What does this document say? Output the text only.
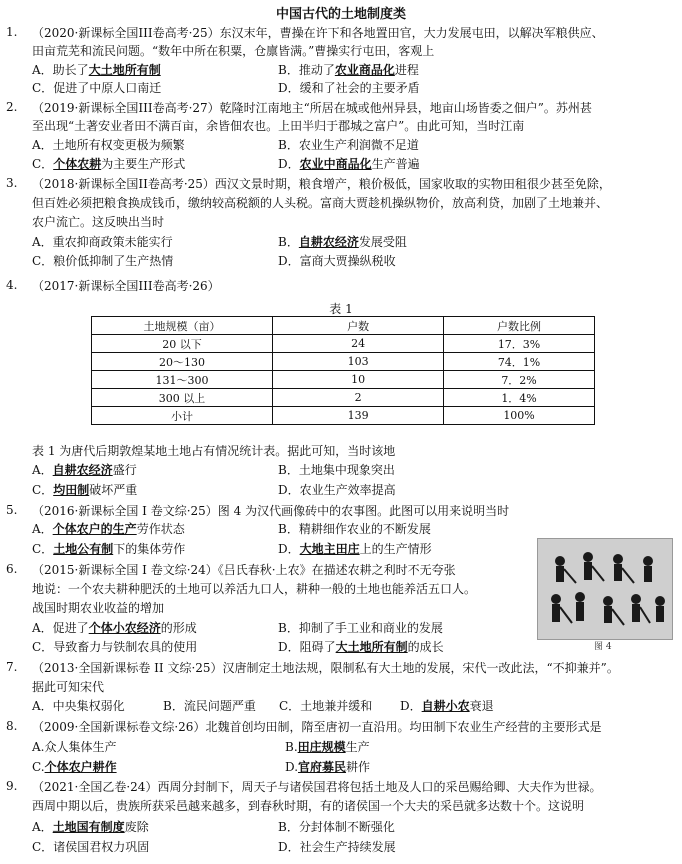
中国古代的土地制度类
1. （2020·新课标全国III卷高考·25）东汉末年，曹操在许下和各地置田官，大力发展屯田，以解决军粮供应、
田亩荒芜和流民问题。“数年中所在积粟，仓廪皆满。”曹操实行屯田，客观上
A．助长了大土地所有制	B．推动了农业商品化进程
C．促进了中原人口南迁	D．缓和了社会的主要矛盾
2. （2019·新课标全国III卷高考·27）乾隆时江南地主“所居在城或他州异县，地亩山场皆委之佃户”。苏州甚
至出现“土著安业者田不满百亩，余皆佃农也。上田半归于郡城之富户”。由此可知，当时江南
A．土地所有权变更极为频繁	B．农业生产利润微不足道
C．个体农耕为主要生产形式	D．农业中商品化生产普遍
3. （2018·新课标全国II卷高考·25）西汉文景时期，粮食增产，粮价极低，国家收取的实物田租很少甚至免除，
但百姓必须把粮食换成钱币，缴纳较高税额的人头税。富商大贾趁机操纵物价，放高利贷，加剧了土地兼并、
农户流亡。这反映出当时
A．重农抑商政策未能实行	B．自耕农经济发展受阻
C．粮价低抑制了生产热情	D．富商大贾操纵税收
4. （2017·新课标全国III卷高考·26）
表 1
土地规模（亩）	户数	户数比例
20 以下	24	17．3%
20～130	103	74．1%
131～300	10	7．2%
300 以上	2	1．4%
小计	139	100%
表 1 为唐代后期敦煌某地土地占有情况统计表。据此可知，当时该地
A．自耕农经济盛行	B．土地集中现象突出
C．均田制破坏严重	D．农业生产效率提高
5. （2016·新课标全国 I 卷文综·25）图 4 为汉代画像砖中的农事图。此图可以用来说明当时
A．个体农户的生产劳作状态	B．精耕细作农业的不断发展
C．土地公有制下的集体劳作	D．大地主田庄上的生产情形
图 4
6. （2015·新课标全国 I 卷文综·24）《吕氏春秋·上农》在描述农耕之利时不无夸张
地说：一个农夫耕种肥沃的土地可以养活九口人，耕种一般的土地也能养活五口人。
战国时期农业收益的增加
A．促进了个体小农经济的形成	B．抑制了手工业和商业的发展
C．导致畜力与铁制农具的使用	D．阻碍了大土地所有制的成长
7. （2013·全国新课标卷 II 文综·25）汉唐制定土地法规，限制私有大土地的发展，宋代一改此法，“不抑兼并”。
据此可知宋代
A．中央集权弱化	B．流民问题严重 C．土地兼并缓和 D．自耕小农衰退
8. （2009·全国新课标卷文综·26）北魏首创均田制，隋至唐初一直沿用。均田制下农业生产经营的主要形式是
A.众人集体生产	B.田庄规模生产
C.个体农户耕作	D.官府募民耕作
9. （2021·全国乙卷·24）西周分封制下，周天子与诸侯国君将包括土地及人口的采邑赐给卿、大夫作为世禄。
西周中期以后，贵族所获采邑越来越多，到春秋时期，有的诸侯国一个大夫的采邑就多达数十个。这说明
A．土地国有制度废除	B．分封体制不断强化
C．诸侯国君权力巩固	D．社会生产持续发展
